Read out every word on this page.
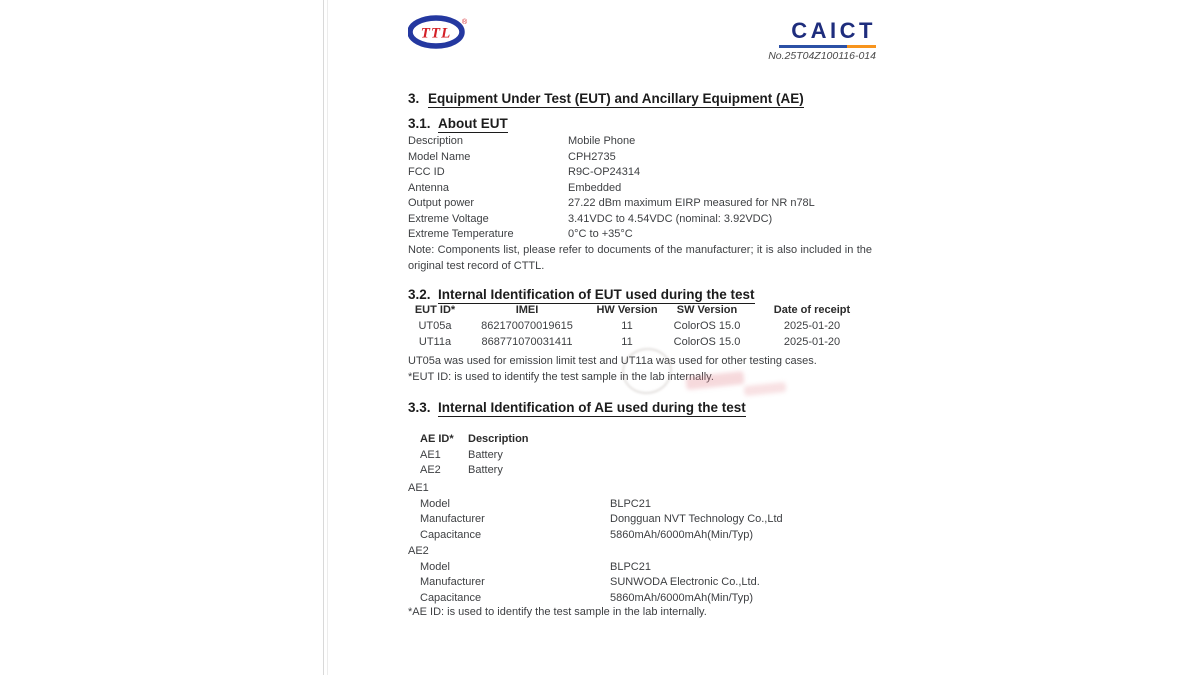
TTL
®	CAICT
No.25T04Z100116-014
3. Equipment Under Test (EUT) and Ancillary Equipment (AE)
3.1. About EUT
Description	Mobile Phone
Model Name	CPH2735
FCC ID	R9C-OP24314
Antenna	Embedded
Output power	27.22 dBm maximum EIRP measured for NR n78L
Extreme Voltage	3.41VDC to 4.54VDC (nominal: 3.92VDC)
Extreme Temperature	0°C to +35°C
Note: Components list, please refer to documents of the manufacturer; it is also included in the original test record of CTTL.
3.2. Internal Identification of EUT used during the test
EUT ID*	IMEI	HW Version	SW Version	Date of receipt
UT05a	862170070019615	11	ColorOS 15.0	2025-01-20
UT11a	868771070031411	11	ColorOS 15.0	2025-01-20
UT05a was used for emission limit test and UT11a was used for other testing cases.
*EUT ID: is used to identify the test sample in the lab internally.
3.3. Internal Identification of AE used during the test
AE ID*	Description
AE1	Battery
AE2	Battery
AE1
Model	BLPC21
Manufacturer	Dongguan NVT Technology Co.,Ltd
Capacitance	5860mAh/6000mAh(Min/Typ)
AE2
Model	BLPC21
Manufacturer	SUNWODA Electronic Co.,Ltd.
Capacitance	5860mAh/6000mAh(Min/Typ)
*AE ID: is used to identify the test sample in the lab internally.
